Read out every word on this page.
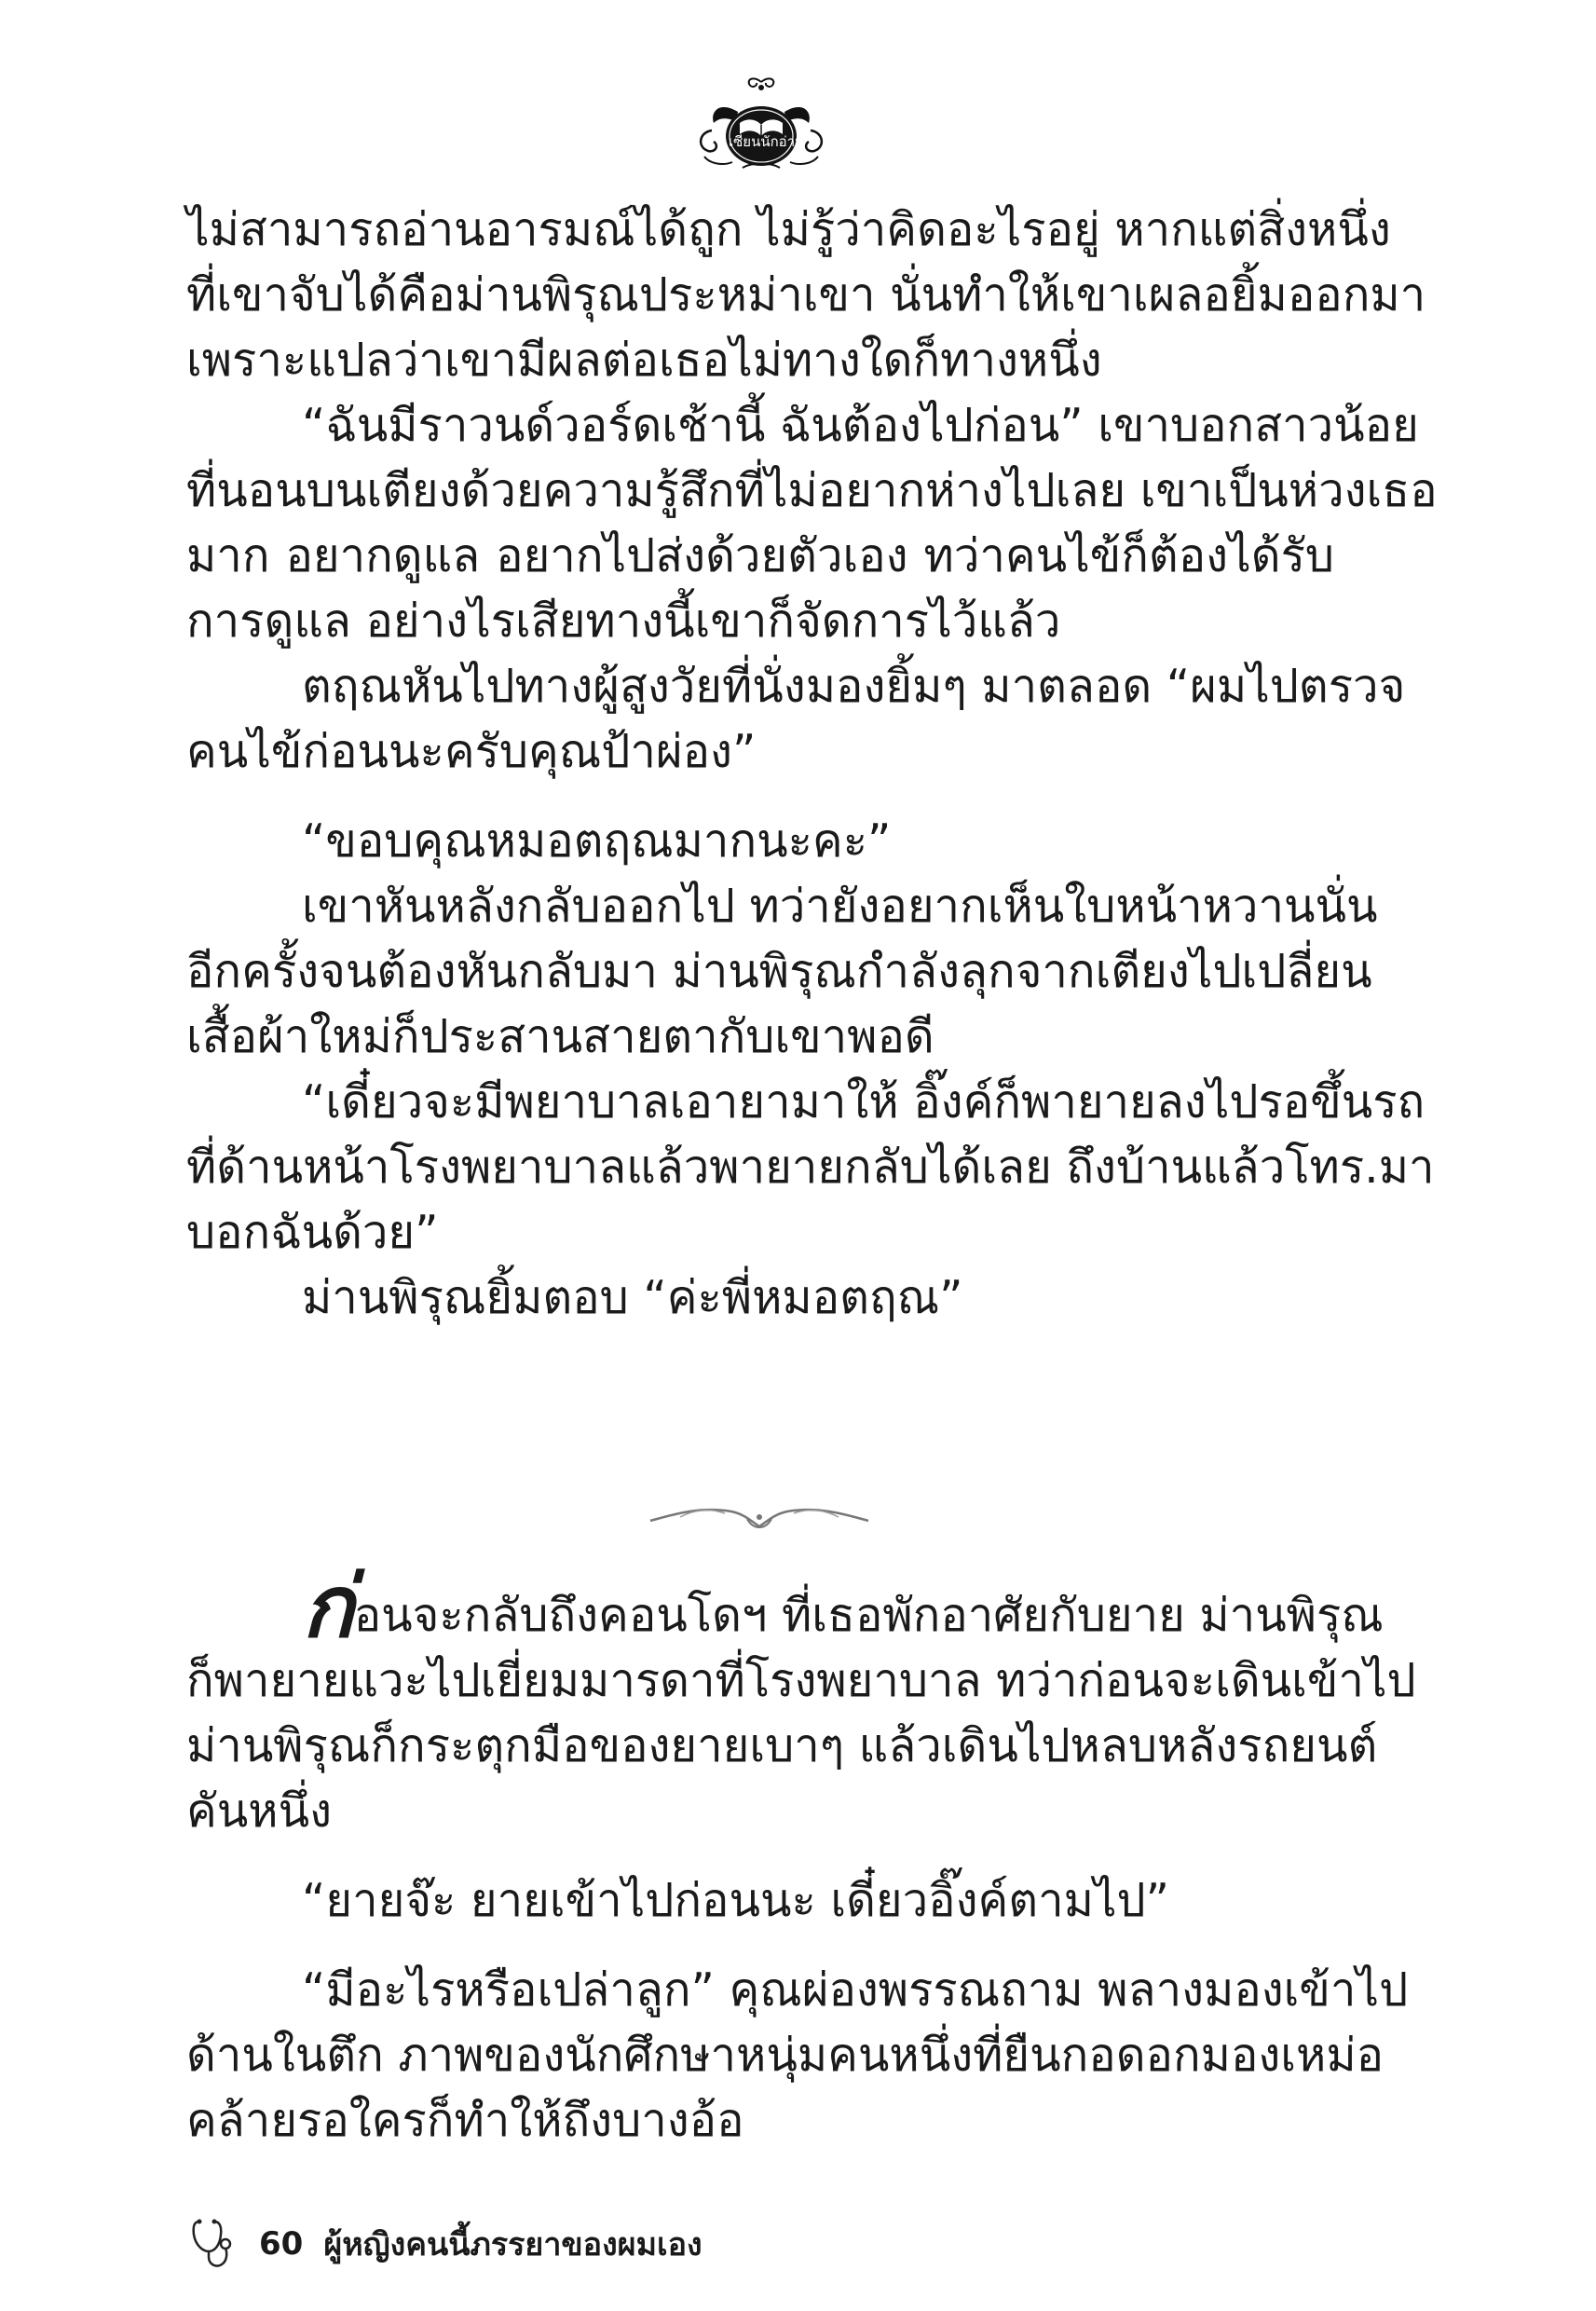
เซียนนักอ่าน
ไม่สามารถอ่านอารมณ์ได้ถูก ไม่รู้ว่าคิดอะไรอยู่ หากแต่สิ่งหนึ่ง
ที่เขาจับได้คือม่านพิรุณประหม่าเขา นั่นทำให้เขาเผลอยิ้มออกมา
เพราะแปลว่าเขามีผลต่อเธอไม่ทางใดก็ทางหนึ่ง
“ฉันมีราวนด์วอร์ดเช้านี้ ฉันต้องไปก่อน” เขาบอกสาวน้อย
ที่นอนบนเตียงด้วยความรู้สึกที่ไม่อยากห่างไปเลย เขาเป็นห่วงเธอ
มาก อยากดูแล อยากไปส่งด้วยตัวเอง ทว่าคนไข้ก็ต้องได้รับ
การดูแล อย่างไรเสียทางนี้เขาก็จัดการไว้แล้ว
ตฤณหันไปทางผู้สูงวัยที่นั่งมองยิ้มๆ มาตลอด “ผมไปตรวจ
คนไข้ก่อนนะครับคุณป้าผ่อง”
“ขอบคุณหมอตฤณมากนะคะ”
เขาหันหลังกลับออกไป ทว่ายังอยากเห็นใบหน้าหวานนั่น
อีกครั้งจนต้องหันกลับมา ม่านพิรุณกำลังลุกจากเตียงไปเปลี่ยน
เสื้อผ้าใหม่ก็ประสานสายตากับเขาพอดี
“เดี๋ยวจะมีพยาบาลเอายามาให้ อิ๊งค์ก็พายายลงไปรอขึ้นรถ
ที่ด้านหน้าโรงพยาบาลแล้วพายายกลับได้เลย ถึงบ้านแล้วโทร.มา
บอกฉันด้วย”
ม่านพิรุณยิ้มตอบ “ค่ะพี่หมอตฤณ”
ก่อนจะกลับถึงคอนโดฯ ที่เธอพักอาศัยกับยาย ม่านพิรุณ
ก็พายายแวะไปเยี่ยมมารดาที่โรงพยาบาล ทว่าก่อนจะเดินเข้าไป
ม่านพิรุณก็กระตุกมือของยายเบาๆ แล้วเดินไปหลบหลังรถยนต์
คันหนึ่ง
“ยายจ๊ะ ยายเข้าไปก่อนนะ เดี๋ยวอิ๊งค์ตามไป”
“มีอะไรหรือเปล่าลูก” คุณผ่องพรรณถาม พลางมองเข้าไป
ด้านในตึก ภาพของนักศึกษาหนุ่มคนหนึ่งที่ยืนกอดอกมองเหม่อ
คล้ายรอใครก็ทำให้ถึงบางอ้อ
60 ผู้หญิงคนนี้ภรรยาของผมเอง
